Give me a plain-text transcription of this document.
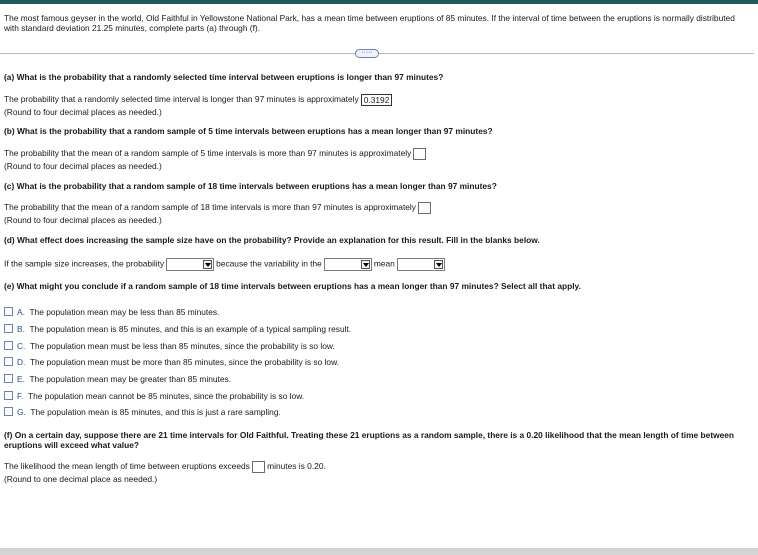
The most famous geyser in the world, Old Faithful in Yellowstone National Park, has a mean time between eruptions of 85 minutes. If the interval of time between the eruptions is normally distributed with standard deviation 21.25 minutes, complete parts (a) through (f).
·····
(a) What is the probability that a randomly selected time interval between eruptions is longer than 97 minutes?
The probability that a randomly selected time interval is longer than 97 minutes is approximately 0.3192
(Round to four decimal places as needed.)
(b) What is the probability that a random sample of 5 time intervals between eruptions has a mean longer than 97 minutes?
The probability that the mean of a random sample of 5 time intervals is more than 97 minutes is approximately
(Round to four decimal places as needed.)
(c) What is the probability that a random sample of 18 time intervals between eruptions has a mean longer than 97 minutes?
The probability that the mean of a random sample of 18 time intervals is more than 97 minutes is approximately
(Round to four decimal places as needed.)
(d) What effect does increasing the sample size have on the probability? Provide an explanation for this result. Fill in the blanks below.
If the sample size increases, the probability	because the variability in the	mean
(e) What might you conclude if a random sample of 18 time intervals between eruptions has a mean longer than 97 minutes? Select all that apply.
A. The population mean may be less than 85 minutes.
B. The population mean is 85 minutes, and this is an example of a typical sampling result.
C. The population mean must be less than 85 minutes, since the probability is so low.
D. The population mean must be more than 85 minutes, since the probability is so low.
E. The population mean may be greater than 85 minutes.
F. The population mean cannot be 85 minutes, since the probability is so low.
G. The population mean is 85 minutes, and this is just a rare sampling.
(f) On a certain day, suppose there are 21 time intervals for Old Faithful. Treating these 21 eruptions as a random sample, there is a 0.20 likelihood that the mean length of time between eruptions will exceed what value?
The likelihood the mean length of time between eruptions exceeds minutes is 0.20.
(Round to one decimal place as needed.)
